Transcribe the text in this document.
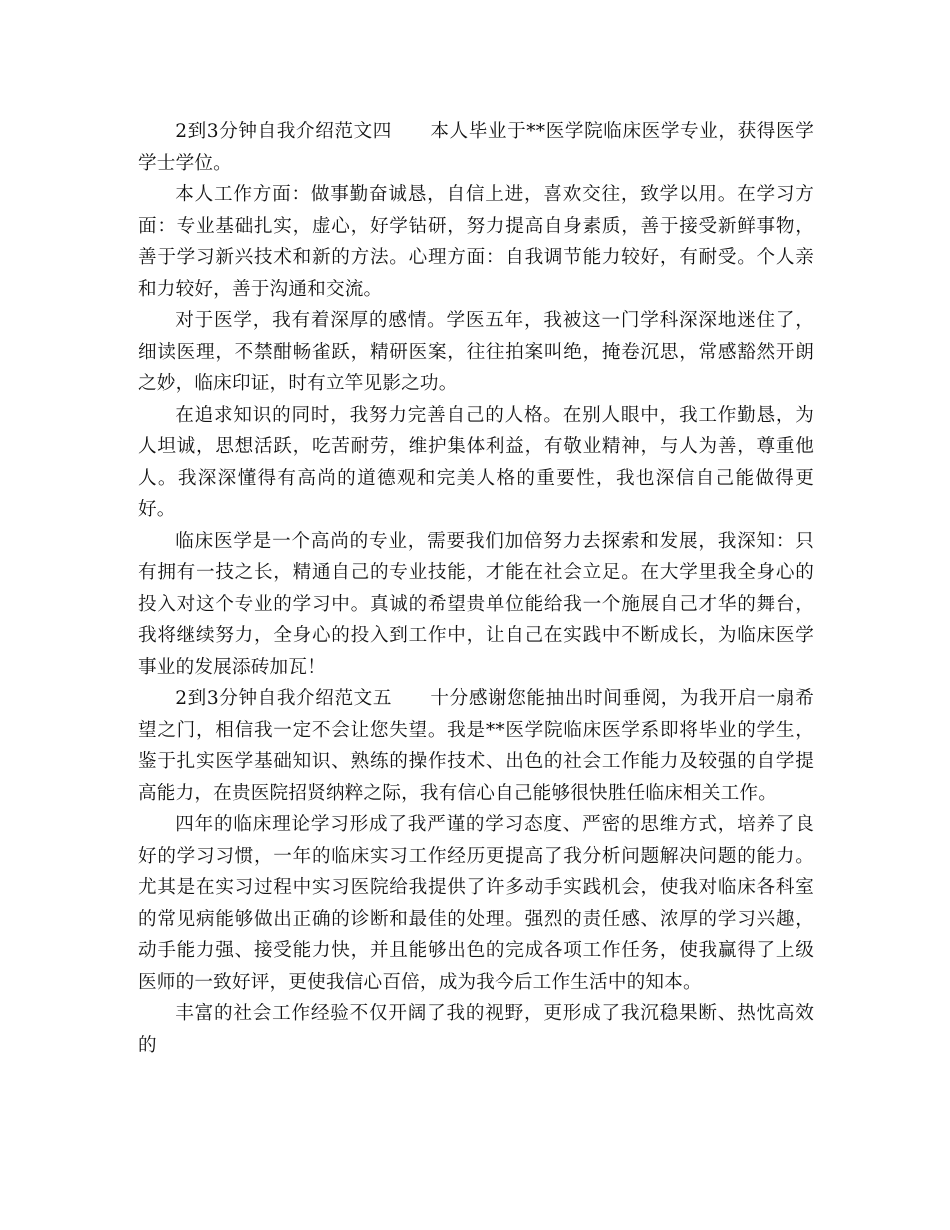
2到3分钟自我介绍范文四　　本人毕业于**医学院临床医学专业，获得医学学士学位。

本人工作方面：做事勤奋诚恳，自信上进，喜欢交往，致学以用。在学习方面：专业基础扎实，虚心，好学钻研，努力提高自身素质，善于接受新鲜事物，善于学习新兴技术和新的方法。心理方面：自我调节能力较好，有耐受。个人亲和力较好，善于沟通和交流。

对于医学，我有着深厚的感情。学医五年，我被这一门学科深深地迷住了，细读医理，不禁酣畅雀跃，精研医案，往往拍案叫绝，掩卷沉思，常感豁然开朗之妙，临床印证，时有立竿见影之功。

在追求知识的同时，我努力完善自己的人格。在别人眼中，我工作勤恳，为人坦诚，思想活跃，吃苦耐劳，维护集体利益，有敬业精神，与人为善，尊重他人。我深深懂得有高尚的道德观和完美人格的重要性，我也深信自己能做得更好。

临床医学是一个高尚的专业，需要我们加倍努力去探索和发展，我深知：只有拥有一技之长，精通自己的专业技能，才能在社会立足。在大学里我全身心的投入对这个专业的学习中。真诚的希望贵单位能给我一个施展自己才华的舞台，我将继续努力，全身心的投入到工作中，让自己在实践中不断成长，为临床医学事业的发展添砖加瓦！

2到3分钟自我介绍范文五　　十分感谢您能抽出时间垂阅，为我开启一扇希望之门，相信我一定不会让您失望。我是**医学院临床医学系即将毕业的学生，鉴于扎实医学基础知识、熟练的操作技术、出色的社会工作能力及较强的自学提高能力，在贵医院招贤纳粹之际，我有信心自己能够很快胜任临床相关工作。

四年的临床理论学习形成了我严谨的学习态度、严密的思维方式，培养了良好的学习习惯，一年的临床实习工作经历更提高了我分析问题解决问题的能力。尤其是在实习过程中实习医院给我提供了许多动手实践机会，使我对临床各科室的常见病能够做出正确的诊断和最佳的处理。强烈的责任感、浓厚的学习兴趣，动手能力强、接受能力快，并且能够出色的完成各项工作任务，使我赢得了上级医师的一致好评，更使我信心百倍，成为我今后工作生活中的知本。

丰富的社会工作经验不仅开阔了我的视野，更形成了我沉稳果断、热忱高效的
